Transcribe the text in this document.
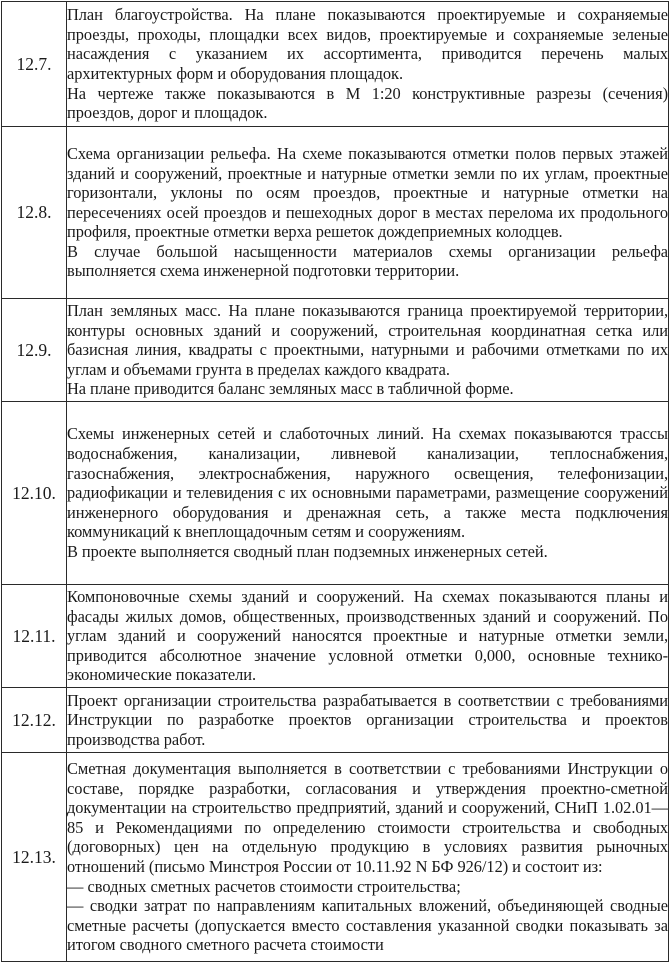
12.7.	План благоустройства. На плане показываются проектируемые и сохраняемые проезды, проходы, площадки всех видов, проектируемые и сохраняемые зеленые насаждения с указанием их ассортимента, приводится перечень малых архитектурных форм и оборудования площадок.
На чертеже также показываются в М 1:20 конструктивные разрезы (сечения) проездов, дорог и площадок.

12.8.	Схема организации рельефа. На схеме показываются отметки полов первых этажей зданий и сооружений, проектные и натурные отметки земли по их углам, проектные горизонтали, уклоны по осям проездов, проектные и натурные отметки на пересечениях осей проездов и пешеходных дорог в местах перелома их продольного профиля, проектные отметки верха решеток дождеприемных колодцев.
В случае большой насыщенности материалов схемы организации рельефа выполняется схема инженерной подготовки территории.

12.9.	План земляных масс. На плане показываются граница проектируемой территории, контуры основных зданий и сооружений, строительная координатная сетка или базисная линия, квадраты с проектными, натурными и рабочими отметками по их углам и объемами грунта в пределах каждого квадрата.
На плане приводится баланс земляных масс в табличной форме.

12.10.	Схемы инженерных сетей и слаботочных линий. На схемах показываются трассы водоснабжения, канализации, ливневой канализации, теплоснабжения, газоснабжения, электроснабжения, наружного освещения, телефонизации, радиофикации и телевидения с их основными параметрами, размещение сооружений инженерного оборудования и дренажная сеть, а также места подключения коммуникаций к внеплощадочным сетям и сооружениям.
В проекте выполняется сводный план подземных инженерных сетей.

12.11.	Компоновочные схемы зданий и сооружений. На схемах показываются планы и фасады жилых домов, общественных, производственных зданий и сооружений. По углам зданий и сооружений наносятся проектные и натурные отметки земли, приводится абсолютное значение условной отметки 0,000, основные технико-экономические показатели.

12.12.	Проект организации строительства разрабатывается в соответствии с требованиями Инструкции по разработке проектов организации строительства и проектов производства работ.

12.13.	Сметная документация выполняется в соответствии с требованиями Инструкции о составе, порядке разработки, согласования и утверждения проектно-сметной документации на строительство предприятий, зданий и сооружений, СНиП 1.02.01—85 и Рекомендациями по определению стоимости строительства и свободных (договорных) цен на отдельную продукцию в условиях развития рыночных отношений (письмо Минстроя России от 10.11.92 N БФ 926/12) и состоит из:
— сводных сметных расчетов стоимости строительства;
— сводки затрат по направлениям капитальных вложений, объединяющей сводные сметные расчеты (допускается вместо составления указанной сводки показывать за итогом сводного сметного расчета стоимости
